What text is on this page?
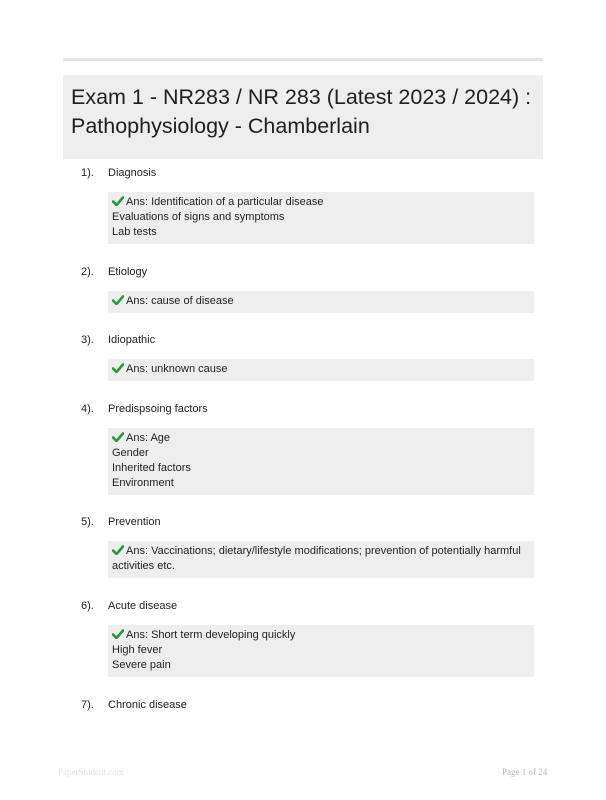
Exam 1 - NR283 / NR 283 (Latest 2023 / 2024) : Pathophysiology - Chamberlain
1). Diagnosis
Ans: Identification of a particular disease
Evaluations of signs and symptoms
Lab tests
2). Etiology
Ans: cause of disease
3). Idiopathic
Ans: unknown cause
4). Predispsoing factors
Ans: Age
Gender
Inherited factors
Environment
5). Prevention
Ans: Vaccinations; dietary/lifestyle modifications; prevention of potentially harmful activities etc.
6). Acute disease
Ans: Short term developing quickly
High fever
Severe pain
7). Chronic disease
PaperStudent.com	Page 1 of 24
